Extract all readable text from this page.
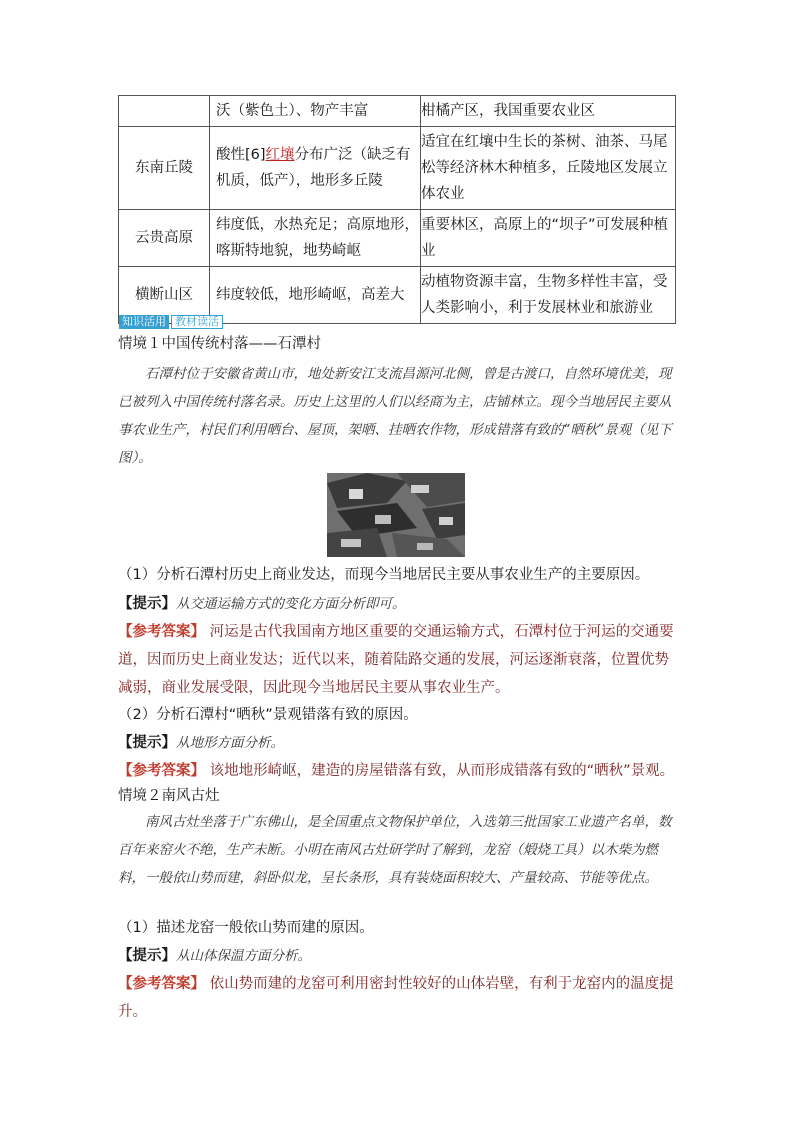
	沃（紫色土）、物产丰富	柑橘产区，我国重要农业区
东南丘陵	酸性[6]红壤分布广泛（缺乏有机质，低产），地形多丘陵	适宜在红壤中生长的茶树、油茶、马尾松等经济林木种植多，丘陵地区发展立体农业
云贵高原	纬度低，水热充足；高原地形，喀斯特地貌，地势崎岖	重要林区，高原上的“坝子”可发展种植业
横断山区	纬度较低，地形崎岖，高差大	动植物资源丰富，生物多样性丰富，受人类影响小，利于发展林业和旅游业
知识活用 教材读活
情境１中国传统村落——石潭村
石潭村位于安徽省黄山市，地处新安江支流昌源河北侧，曾是古渡口，自然环境优美，现已被列入中国传统村落名录。历史上这里的人们以经商为主，店铺林立。现今当地居民主要从事农业生产，村民们利用晒台、屋顶，架晒、挂晒农作物，形成错落有致的“晒秋”景观（见下图）。
（1）分析石潭村历史上商业发达，而现今当地居民主要从事农业生产的主要原因。
【提示】从交通运输方式的变化方面分析即可。
【参考答案】 河运是古代我国南方地区重要的交通运输方式，石潭村位于河运的交通要道，因而历史上商业发达；近代以来，随着陆路交通的发展，河运逐渐衰落，位置优势减弱，商业发展受限，因此现今当地居民主要从事农业生产。
（2）分析石潭村“晒秋”景观错落有致的原因。
【提示】从地形方面分析。
【参考答案】 该地地形崎岖，建造的房屋错落有致，从而形成错落有致的“晒秋”景观。
情境２南风古灶
南风古灶坐落于广东佛山，是全国重点文物保护单位，入选第三批国家工业遗产名单，数百年来窑火不绝，生产未断。小明在南风古灶研学时了解到，龙窑（煅烧工具）以木柴为燃料，一般依山势而建，斜卧似龙，呈长条形，具有装烧面积较大、产量较高、节能等优点。
（1）描述龙窑一般依山势而建的原因。
【提示】从山体保温方面分析。
【参考答案】 依山势而建的龙窑可利用密封性较好的山体岩壁，有利于龙窑内的温度提升。
